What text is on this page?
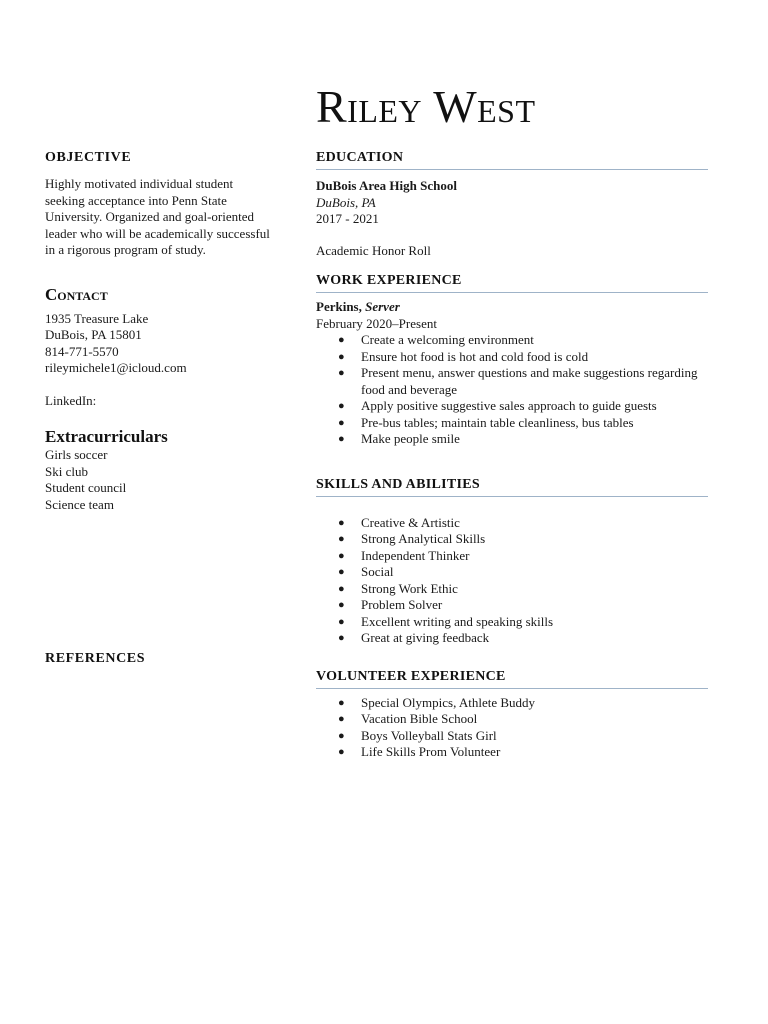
Riley West
OBJECTIVE

Highly motivated individual student seeking acceptance into Penn State University. Organized and goal-oriented leader who will be academically successful in a rigorous program of study.

Contact

1935 Treasure Lake

DuBois, PA 15801

814-771-5570

rileymichele1@icloud.com

LinkedIn:

Extracurriculars

Girls soccer

Ski club

Student council

Science team

REFERENCES
EDUCATION

DuBois Area High School

DuBois, PA

2017 - 2021

Academic Honor Roll

WORK EXPERIENCE

Perkins, Server

February 2020–Present

● Create a welcoming environment
● Ensure hot food is hot and cold food is cold
● Present menu, answer questions and make suggestions regarding food and beverage
● Apply positive suggestive sales approach to guide guests
● Pre-bus tables; maintain table cleanliness, bus tables
● Make people smile
SKILLS AND ABILITIES
● Creative & Artistic
● Strong Analytical Skills
● Independent Thinker
● Social
● Strong Work Ethic
● Problem Solver
● Excellent writing and speaking skills
● Great at giving feedback
VOLUNTEER EXPERIENCE
● Special Olympics, Athlete Buddy
● Vacation Bible School
● Boys Volleyball Stats Girl
● Life Skills Prom Volunteer
